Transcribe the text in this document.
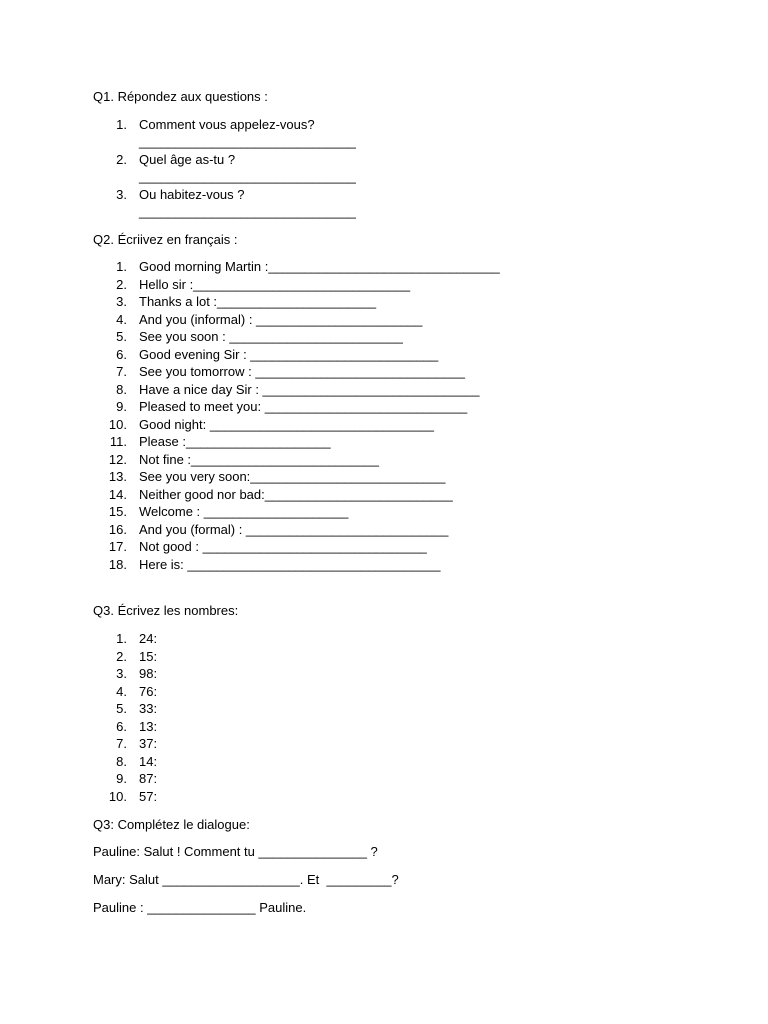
Q1. Répondez aux questions :
1. Comment vous appelez-vous?
______________________________
2. Quel âge as-tu ?
______________________________
3. Ou habitez-vous ?
______________________________
Q2. Écriivez en français :
1. Good morning Martin :________________________________
2. Hello sir :______________________________
3. Thanks a lot :______________________
4. And you (informal) : _______________________
5. See you soon : ________________________
6. Good evening Sir : __________________________
7. See you tomorrow : _____________________________
8. Have a nice day Sir : ______________________________
9. Pleased to meet you: ____________________________
10. Good night: _______________________________
11. Please :____________________
12. Not fine :__________________________
13. See you very soon:___________________________
14. Neither good nor bad:__________________________
15. Welcome : ____________________
16. And you (formal) : ____________________________
17. Not good : _______________________________
18. Here is: ___________________________________
Q3. Écrivez les nombres:
1. 24:
2. 15:
3. 98:
4. 76:
5. 33:
6. 13:
7. 37:
8. 14:
9. 87:
10. 57:
Q3: Complétez le dialogue:
Pauline: Salut ! Comment tu _______________ ?
Mary: Salut ___________________. Et  _________?
Pauline : _______________ Pauline.
